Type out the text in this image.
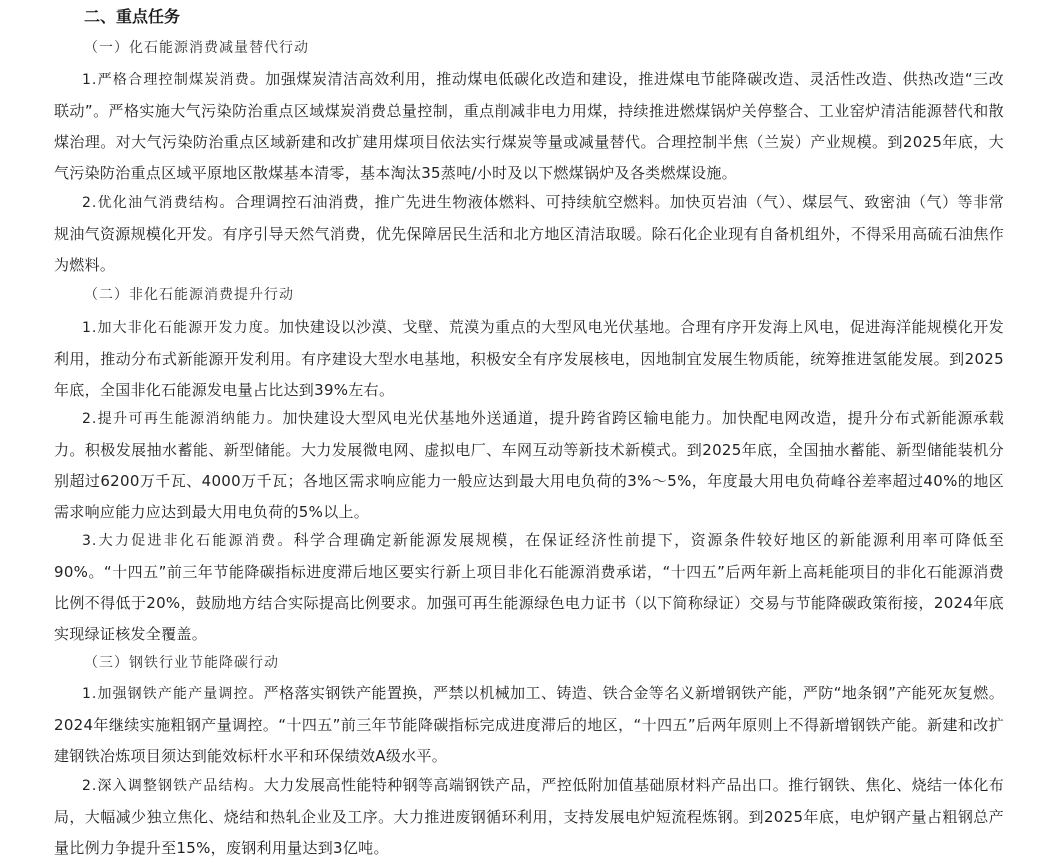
二、重点任务
（一）化石能源消费减量替代行动

1.严格合理控制煤炭消费。加强煤炭清洁高效利用，推动煤电低碳化改造和建设，推进煤电节能降碳改造、灵活性改造、供热改造“三改联动”。严格实施大气污染防治重点区域煤炭消费总量控制，重点削减非电力用煤，持续推进燃煤锅炉关停整合、工业窑炉清洁能源替代和散煤治理。对大气污染防治重点区域新建和改扩建用煤项目依法实行煤炭等量或减量替代。合理控制半焦（兰炭）产业规模。到2025年底，大气污染防治重点区域平原地区散煤基本清零，基本淘汰35蒸吨/小时及以下燃煤锅炉及各类燃煤设施。

2.优化油气消费结构。合理调控石油消费，推广先进生物液体燃料、可持续航空燃料。加快页岩油（气）、煤层气、致密油（气）等非常规油气资源规模化开发。有序引导天然气消费，优先保障居民生活和北方地区清洁取暖。除石化企业现有自备机组外，不得采用高硫石油焦作为燃料。

（二）非化石能源消费提升行动

1.加大非化石能源开发力度。加快建设以沙漠、戈壁、荒漠为重点的大型风电光伏基地。合理有序开发海上风电，促进海洋能规模化开发利用，推动分布式新能源开发利用。有序建设大型水电基地，积极安全有序发展核电，因地制宜发展生物质能，统筹推进氢能发展。到2025年底，全国非化石能源发电量占比达到39%左右。

2.提升可再生能源消纳能力。加快建设大型风电光伏基地外送通道，提升跨省跨区输电能力。加快配电网改造，提升分布式新能源承载力。积极发展抽水蓄能、新型储能。大力发展微电网、虚拟电厂、车网互动等新技术新模式。到2025年底，全国抽水蓄能、新型储能装机分别超过6200万千瓦、4000万千瓦；各地区需求响应能力一般应达到最大用电负荷的3%～5%，年度最大用电负荷峰谷差率超过40%的地区需求响应能力应达到最大用电负荷的5%以上。

3.大力促进非化石能源消费。科学合理确定新能源发展规模，在保证经济性前提下，资源条件较好地区的新能源利用率可降低至90%。“十四五”前三年节能降碳指标进度滞后地区要实行新上项目非化石能源消费承诺，“十四五”后两年新上高耗能项目的非化石能源消费比例不得低于20%，鼓励地方结合实际提高比例要求。加强可再生能源绿色电力证书（以下简称绿证）交易与节能降碳政策衔接，2024年底实现绿证核发全覆盖。

（三）钢铁行业节能降碳行动

1.加强钢铁产能产量调控。严格落实钢铁产能置换，严禁以机械加工、铸造、铁合金等名义新增钢铁产能，严防“地条钢”产能死灰复燃。2024年继续实施粗钢产量调控。“十四五”前三年节能降碳指标完成进度滞后的地区，“十四五”后两年原则上不得新增钢铁产能。新建和改扩建钢铁冶炼项目须达到能效标杆水平和环保绩效A级水平。

2.深入调整钢铁产品结构。大力发展高性能特种钢等高端钢铁产品，严控低附加值基础原材料产品出口。推行钢铁、焦化、烧结一体化布局，大幅减少独立焦化、烧结和热轧企业及工序。大力推进废钢循环利用，支持发展电炉短流程炼钢。到2025年底，电炉钢产量占粗钢总产量比例力争提升至15%，废钢利用量达到3亿吨。
